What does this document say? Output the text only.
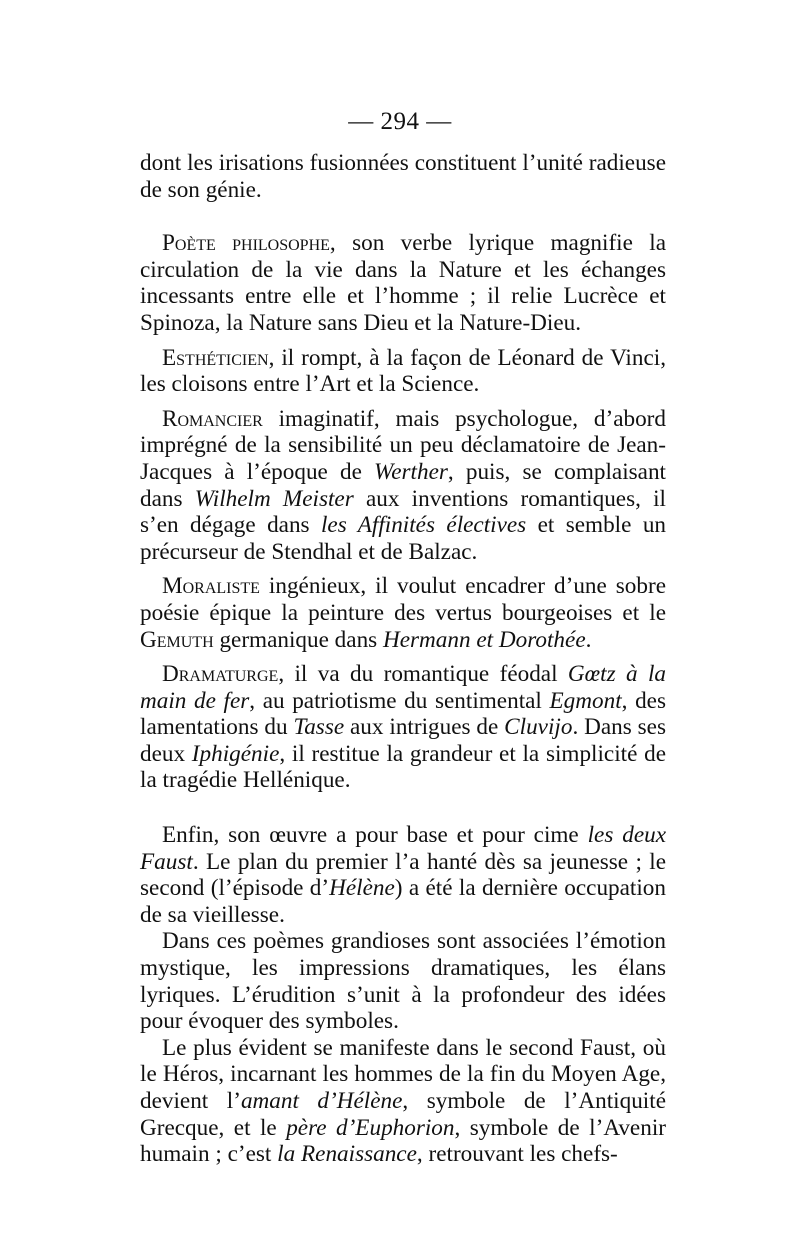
— 294 —

dont les irisations fusionnées constituent l’unité radieuse de son génie.

Poète philosophe, son verbe lyrique magnifie la circulation de la vie dans la Nature et les échanges incessants entre elle et l’homme ; il relie Lucrèce et Spinoza, la Nature sans Dieu et la Nature-Dieu.

Esthéticien, il rompt, à la façon de Léonard de Vinci, les cloisons entre l’Art et la Science.

Romancier imaginatif, mais psychologue, d’abord imprégné de la sensibilité un peu déclamatoire de Jean-Jacques à l’époque de Werther, puis, se complaisant dans Wilhelm Meister aux inventions romantiques, il s’en dégage dans les Affinités électives et semble un précurseur de Stendhal et de Balzac.

Moraliste ingénieux, il voulut encadrer d’une sobre poésie épique la peinture des vertus bourgeoises et le Gemuth germanique dans Hermann et Dorothée.

Dramaturge, il va du romantique féodal Gœtz à la main de fer, au patriotisme du sentimental Egmont, des lamentations du Tasse aux intrigues de Cluvijo. Dans ses deux Iphigénie, il restitue la grandeur et la simplicité de la tragédie Hellénique.

Enfin, son œuvre a pour base et pour cime les deux Faust. Le plan du premier l’a hanté dès sa jeunesse ; le second (l’épisode d’Hélène) a été la dernière occupation de sa vieillesse.

Dans ces poèmes grandioses sont associées l’émotion mystique, les impressions dramatiques, les élans lyriques. L’érudition s’unit à la profondeur des idées pour évoquer des symboles.

Le plus évident se manifeste dans le second Faust, où le Héros, incarnant les hommes de la fin du Moyen Age, devient l’amant d’Hélène, symbole de l’Antiquité Grecque, et le père d’Euphorion, symbole de l’Avenir humain ; c’est la Renaissance, retrouvant les chefs-
